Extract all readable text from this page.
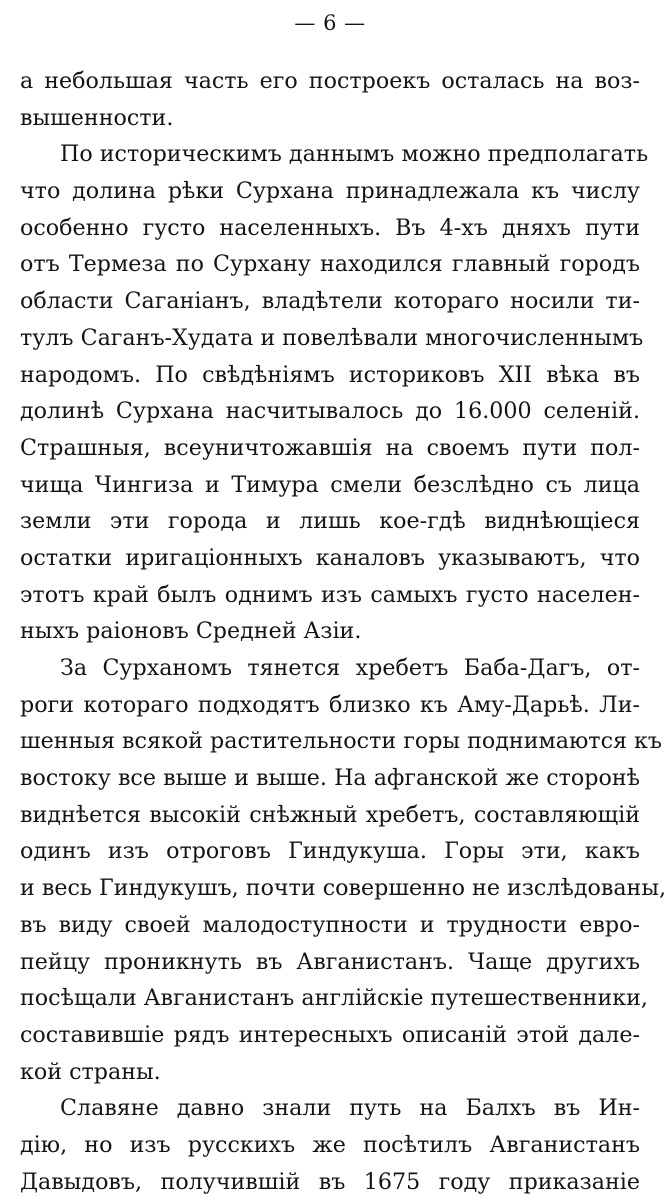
— 6 —
а небольшая часть его построекъ осталась на воз-
вышенности.
По историческимъ даннымъ можно предполагать
что долина рѣки Сурхана принадлежала къ числу
особенно густо населенныхъ. Въ 4-хъ дняхъ пути
отъ Термеза по Сурхану находился главный городъ
области Саганіанъ, владѣтели котораго носили ти-
тулъ Саганъ-Худата и повелѣвали многочисленнымъ
народомъ. По свѣдѣніямъ историковъ XII вѣка въ
долинѣ Сурхана насчитывалось до 16.000 селеній.
Страшныя, всеуничтожавшія на своемъ пути пол-
чища Чингиза и Тимура смели безслѣдно съ лица
земли эти города и лишь кое-гдѣ виднѣющіеся
остатки иригаціонныхъ каналовъ указываютъ, что
этотъ край былъ однимъ изъ самыхъ густо населен-
ныхъ раіоновъ Средней Азіи.
За Сурханомъ тянется хребетъ Баба-Дагъ, от-
роги котораго подходятъ близко къ Аму-Дарьѣ. Ли-
шенныя всякой растительности горы поднимаются къ
востоку все выше и выше. На афганской же сторонѣ
виднѣется высокій снѣжный хребетъ, составляющій
одинъ изъ отроговъ Гиндукуша. Горы эти, какъ
и весь Гиндукушъ, почти совершенно не изслѣдованы,
въ виду своей малодоступности и трудности евро-
пейцу проникнуть въ Авганистанъ. Чаще другихъ
посѣщали Авганистанъ англійскіе путешественники,
составившіе рядъ интересныхъ описаній этой дале-
кой страны.
Славяне давно знали путь на Балхъ въ Ин-
дію, но изъ русскихъ же посѣтилъ Авганистанъ
Давыдовъ, получившій въ 1675 году приказаніе
